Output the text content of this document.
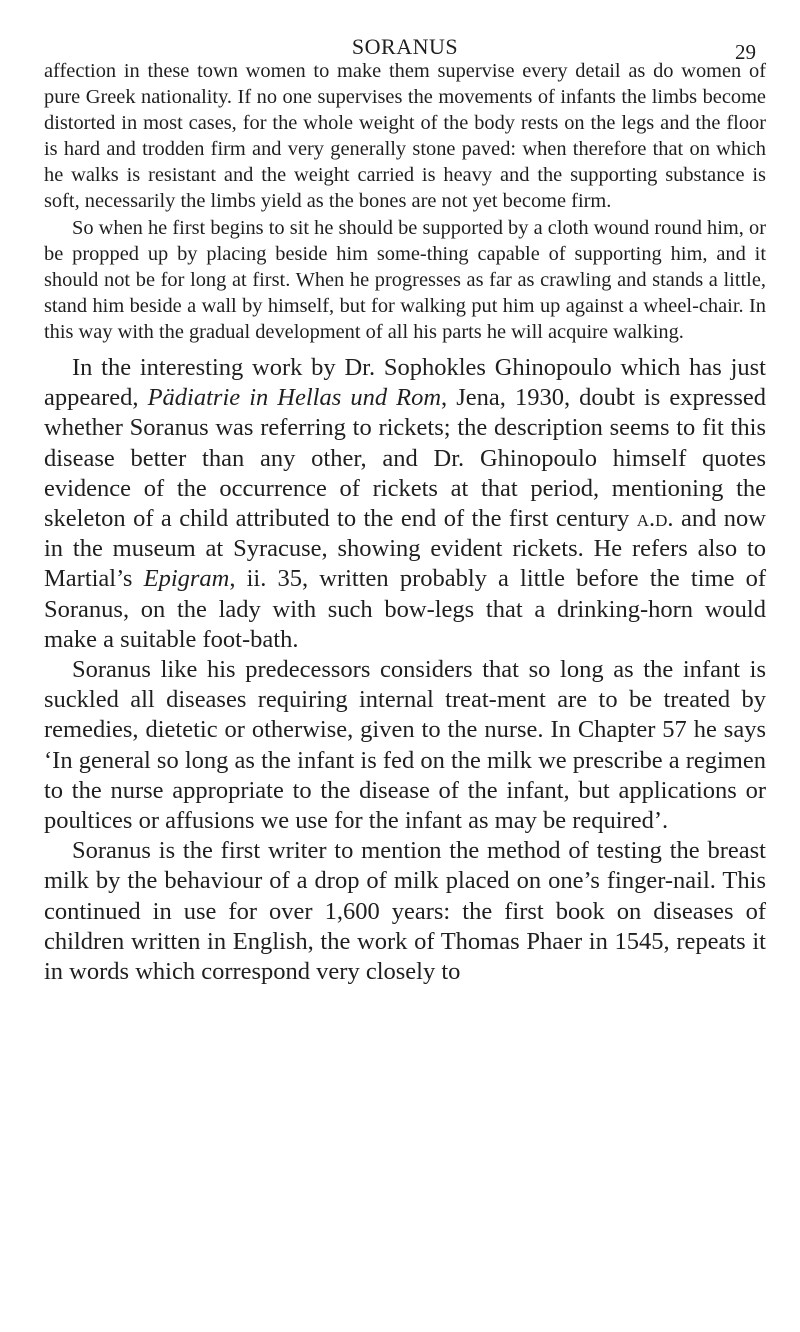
SORANUS	29

affection in these town women to make them supervise every detail as do women of pure Greek nationality. If no one supervises the movements of infants the limbs become distorted in most cases, for the whole weight of the body rests on the legs and the floor is hard and trodden firm and very generally stone paved: when therefore that on which he walks is resistant and the weight carried is heavy and the supporting substance is soft, necessarily the limbs yield as the bones are not yet become firm.

So when he first begins to sit he should be supported by a cloth wound round him, or be propped up by placing beside him some-thing capable of supporting him, and it should not be for long at first. When he progresses as far as crawling and stands a little, stand him beside a wall by himself, but for walking put him up against a wheel-chair. In this way with the gradual development of all his parts he will acquire walking.

In the interesting work by Dr. Sophokles Ghinopoulo which has just appeared, Pädiatrie in Hellas und Rom, Jena, 1930, doubt is expressed whether Soranus was referring to rickets; the description seems to fit this disease better than any other, and Dr. Ghinopoulo himself quotes evidence of the occurrence of rickets at that period, mentioning the skeleton of a child attributed to the end of the first century a.d. and now in the museum at Syracuse, showing evident rickets. He refers also to Martial’s Epigram, ii. 35, written probably a little before the time of Soranus, on the lady with such bow-legs that a drinking-horn would make a suitable foot-bath.

Soranus like his predecessors considers that so long as the infant is suckled all diseases requiring internal treat-ment are to be treated by remedies, dietetic or otherwise, given to the nurse. In Chapter 57 he says ‘In general so long as the infant is fed on the milk we prescribe a regimen to the nurse appropriate to the disease of the infant, but applications or poultices or affusions we use for the infant as may be required’.

Soranus is the first writer to mention the method of testing the breast milk by the behaviour of a drop of milk placed on one’s finger-nail. This continued in use for over 1,600 years: the first book on diseases of children written in English, the work of Thomas Phaer in 1545, repeats it in words which correspond very closely to
